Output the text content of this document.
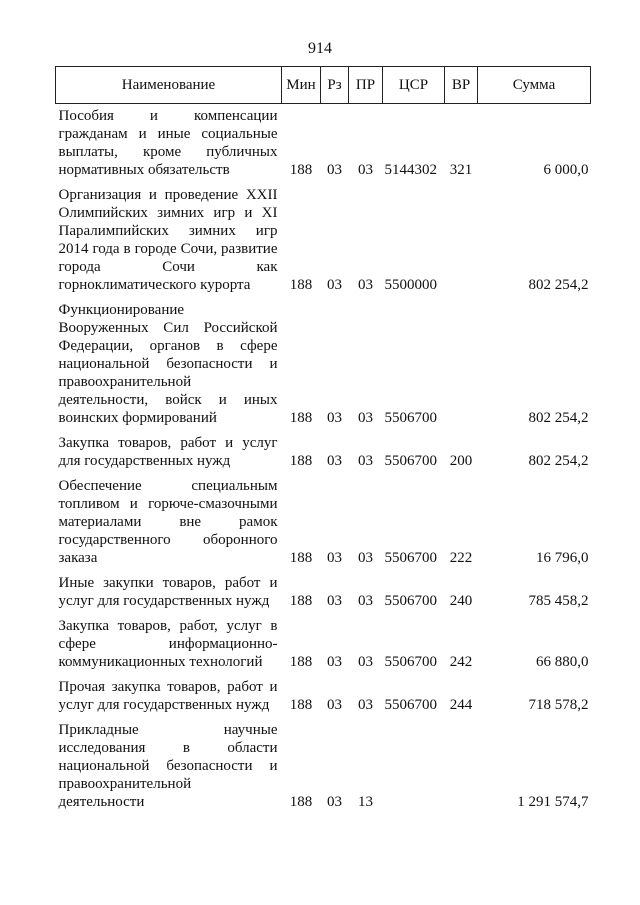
914
Наименование	Мин	Рз	ПР	ЦСР	ВР	Сумма
Пособия и компенсации гражданам и иные социальные выплаты, кроме публичных нормативных обязательств	188	03	03	5144302	321	6 000,0
Организация и проведение XXII Олимпийских зимних игр и XI Паралимпийских зимних игр 2014 года в городе Сочи, развитие города Сочи как горноклиматического курорта	188	03	03	5500000		802 254,2
Функционирование Вооруженных Сил Российской Федерации, органов в сфере национальной безопасности и правоохранительной деятельности, войск и иных воинских формирований	188	03	03	5506700		802 254,2
Закупка товаров, работ и услуг для государственных нужд	188	03	03	5506700	200	802 254,2
Обеспечение специальным топливом и горюче-смазочными материалами вне рамок государственного оборонного заказа	188	03	03	5506700	222	16 796,0
Иные закупки товаров, работ и услуг для государственных нужд	188	03	03	5506700	240	785 458,2
Закупка товаров, работ, услуг в сфере информационно-коммуникационных технологий	188	03	03	5506700	242	66 880,0
Прочая закупка товаров, работ и услуг для государственных нужд	188	03	03	5506700	244	718 578,2
Прикладные научные исследования в области национальной безопасности и правоохранительной деятельности	188	03	13			1 291 574,7
